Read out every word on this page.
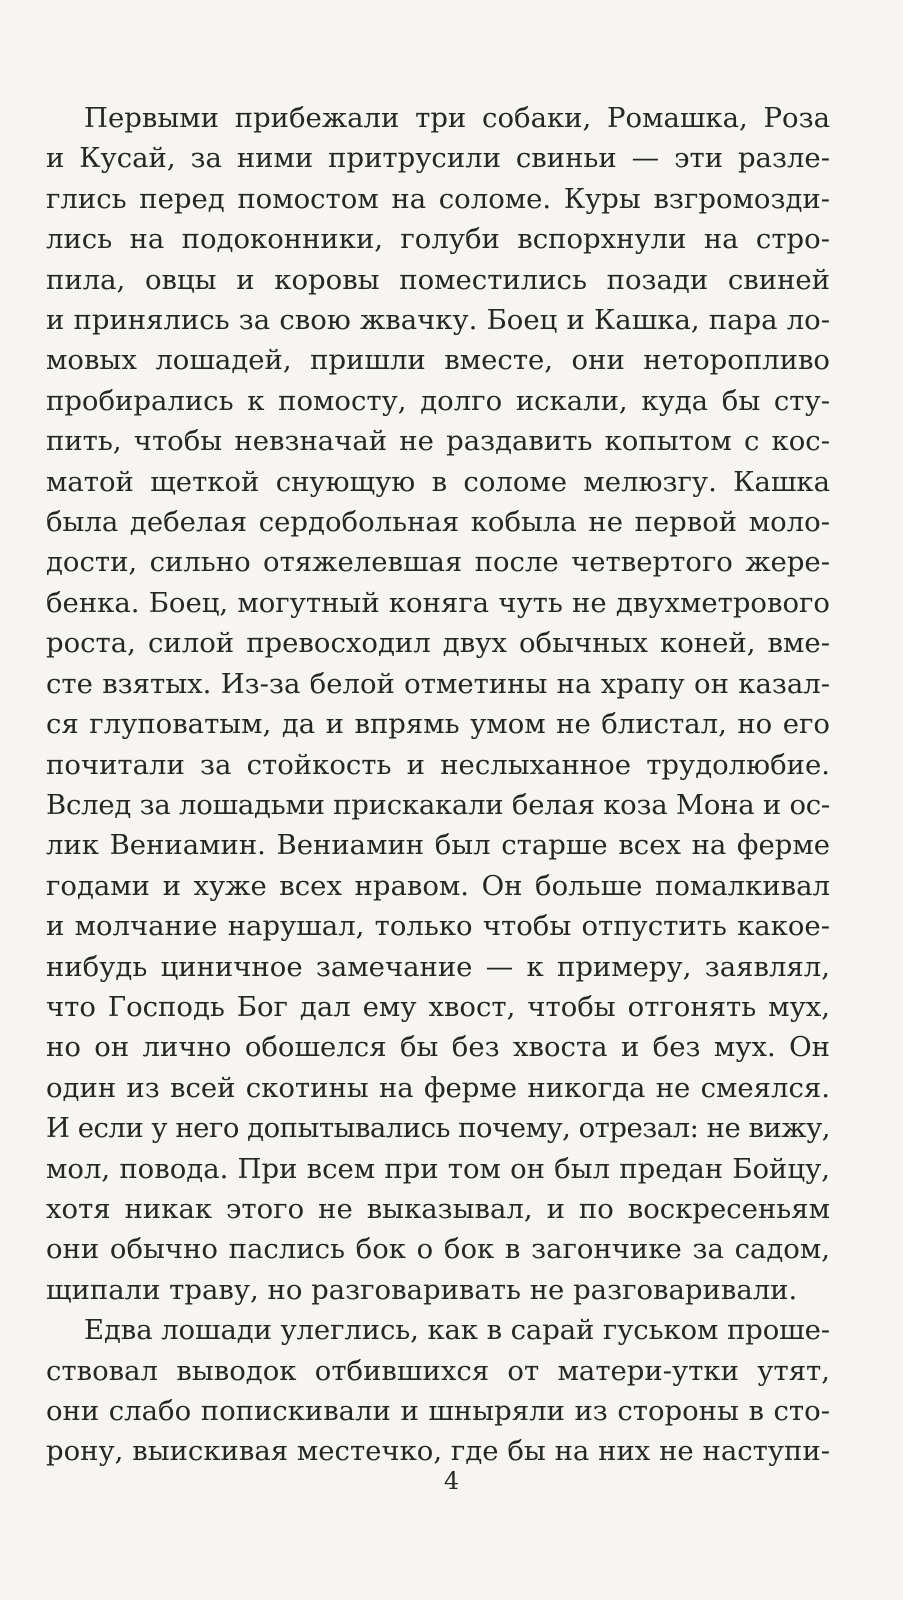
Первыми прибежали три собаки, Ромашка, Роза
и Кусай, за ними притрусили свиньи — эти разле-
глись перед помостом на соломе. Куры взгромозди-
лись на подоконники, голуби вспорхнули на стро-
пила, овцы и коровы поместились позади свиней
и принялись за свою жвачку. Боец и Кашка, пара ло-
мовых лошадей, пришли вместе, они неторопливо
пробирались к помосту, долго искали, куда бы сту-
пить, чтобы невзначай не раздавить копытом с кос-
матой щеткой снующую в соломе мелюзгу. Кашка
была дебелая сердобольная кобыла не первой моло-
дости, сильно отяжелевшая после четвертого жере-
бенка. Боец, могутный коняга чуть не двухметрового
роста, силой превосходил двух обычных коней, вме-
сте взятых. Из-за белой отметины на храпу он казал-
ся глуповатым, да и впрямь умом не блистал, но его
почитали за стойкость и неслыханное трудолюбие.
Вслед за лошадьми прискакали белая коза Мона и ос-
лик Вениамин. Вениамин был старше всех на ферме
годами и хуже всех нравом. Он больше помалкивал
и молчание нарушал, только чтобы отпустить какое-
нибудь циничное замечание — к примеру, заявлял,
что Господь Бог дал ему хвост, чтобы отгонять мух,
но он лично обошелся бы без хвоста и без мух. Он
один из всей скотины на ферме никогда не смеялся.
И если у него допытывались почему, отрезал: не вижу,
мол, повода. При всем при том он был предан Бойцу,
хотя никак этого не выказывал, и по воскресеньям
они обычно паслись бок о бок в загончике за садом,
щипали траву, но разговаривать не разговаривали.

Едва лошади улеглись, как в сарай гуськом проше-
ствовал выводок отбившихся от матери-утки утят,
они слабо попискивали и шныряли из стороны в сто-
рону, выискивая местечко, где бы на них не наступи-

4
